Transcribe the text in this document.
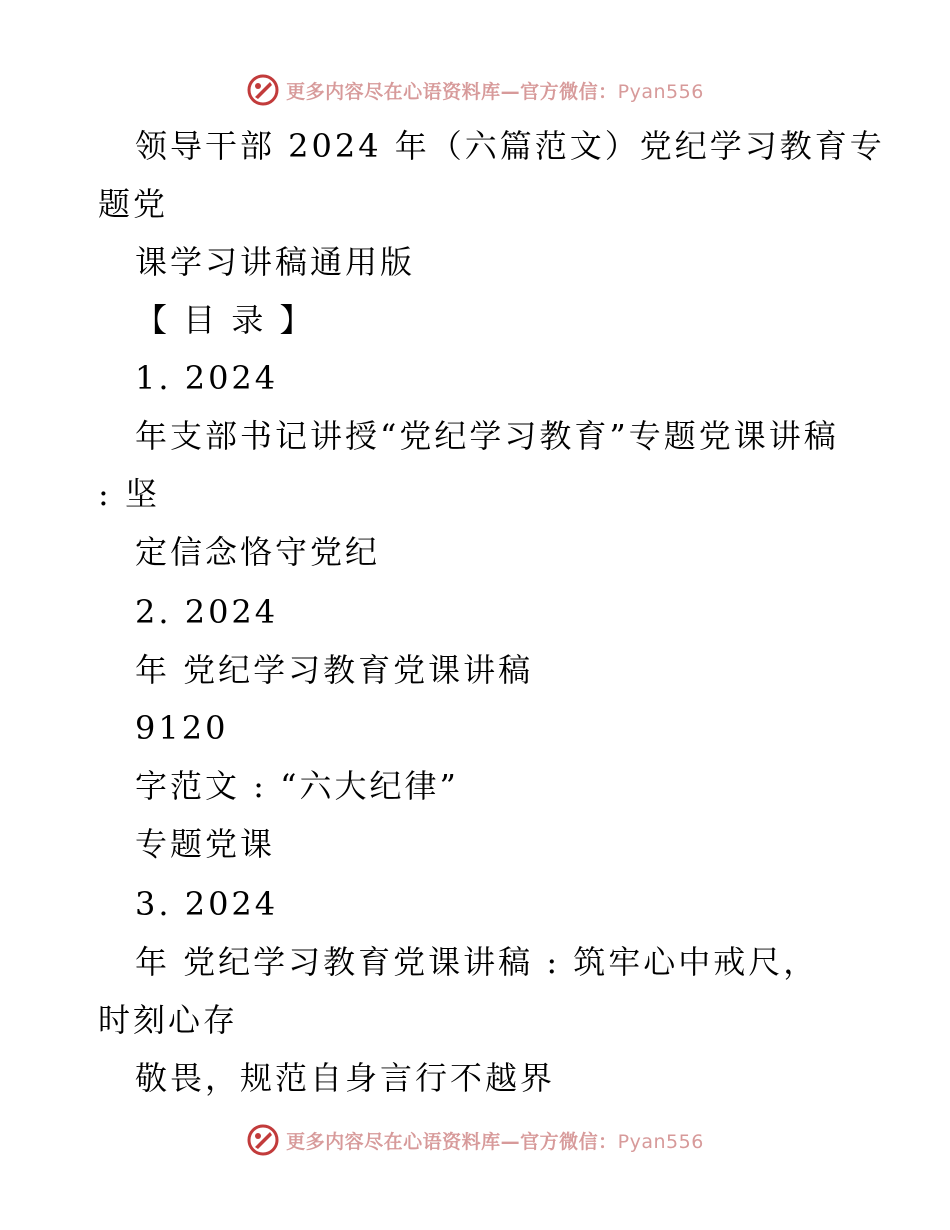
更多内容尽在心语资料库—官方微信：Pyan556
领导干部 2024 年（六篇范文）党纪学习教育专
题党
课学习讲稿通用版
【 目 录 】
1. 2024
年支部书记讲授“党纪学习教育”专题党课讲稿
: 坚
定信念恪守党纪
2. 2024
年 党纪学习教育党课讲稿
9120
字范文 : “六大纪律”
专题党课
3. 2024
年 党纪学习教育党课讲稿 : 筑牢心中戒尺，
时刻心存
敬畏，规范自身言行不越界
更多内容尽在心语资料库—官方微信：Pyan556
